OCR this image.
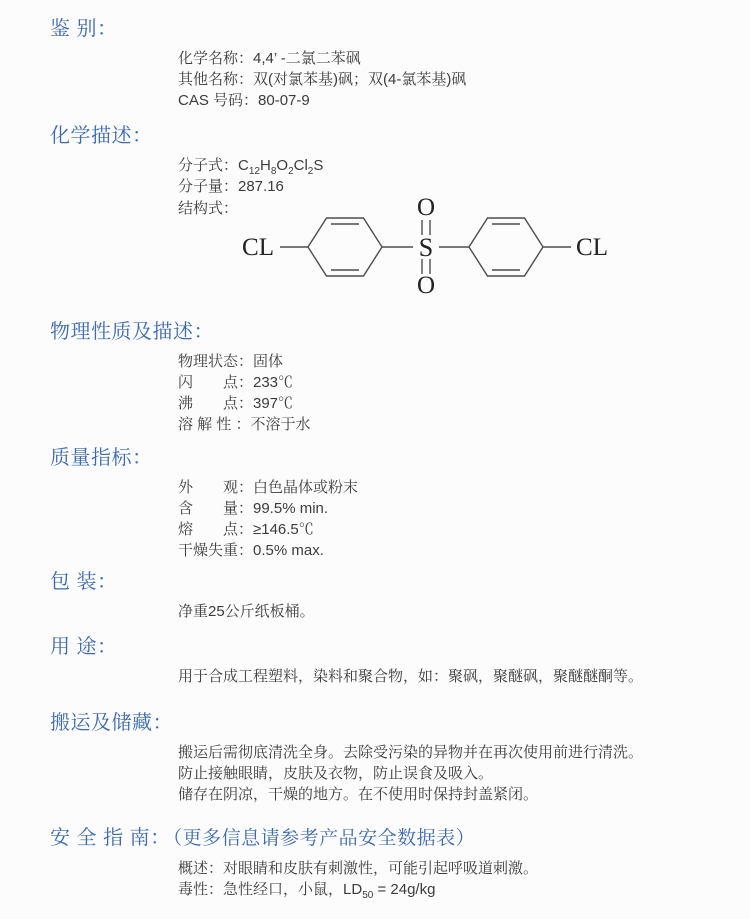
鉴 别：
化学名称：4,4’ -二氯二苯砜
其他名称：双(对氯苯基)砜；双(4-氯苯基)砜
CAS 号码：80-07-9
化学描述：
分子式：$C_{12}H_8O_2Cl_2S$
分子量：287.16
结构式：
CL
O
S
O
CL
物理性质及描述：
物理状态：固体
闪　　点：233℃
沸　　点：397℃
溶 解 性 ：不溶于水
质量指标：
外　　观：白色晶体或粉末
含　　量：99.5% min.
熔　　点：≥146.5℃
干燥失重：0.5% max.
包 装：
净重25公斤纸板桶。
用 途：
用于合成工程塑料，染料和聚合物，如：聚砜，聚醚砜，聚醚醚酮等。
搬运及储藏：
搬运后需彻底清洗全身。去除受污染的异物并在再次使用前进行清洗。
防止接触眼睛，皮肤及衣物，防止误食及吸入。
储存在阴凉，干燥的地方。在不使用时保持封盖紧闭。
安 全 指 南： （更多信息请参考产品安全数据表）
概述：对眼睛和皮肤有刺激性，可能引起呼吸道刺激。
毒性：急性经口，小鼠，$LD_{50} = 24g/kg$
